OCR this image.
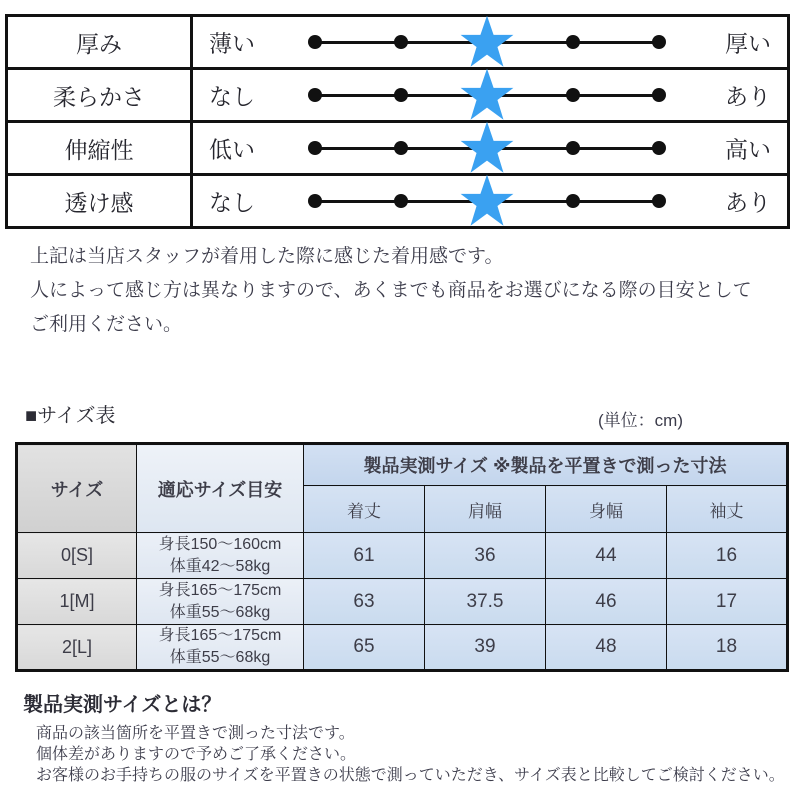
厚み	薄い	厚い
柔らかさ	なし	あり
伸縮性	低い	高い
透け感	なし	あり
上記は当店スタッフが着用した際に感じた着用感です。
人によって感じ方は異なりますので、あくまでも商品をお選びになる際の目安として
ご利用ください。
■サイズ表	(単位：cm)
サイズ	適応サイズ目安	製品実測サイズ ※製品を平置きで測った寸法			
		着丈	肩幅	身幅	袖丈
0[S]	身長150〜160cm
体重42〜58kg	61	36	44	16
1[M]	身長165〜175cm
体重55〜68kg	63	37.5	46	17
2[L]	身長165〜175cm
体重55〜68kg	65	39	48	18
製品実測サイズとは？
商品の該当箇所を平置きで測った寸法です。
個体差がありますので予めご了承ください。
お客様のお手持ちの服のサイズを平置きの状態で測っていただき、サイズ表と比較してご検討ください。
